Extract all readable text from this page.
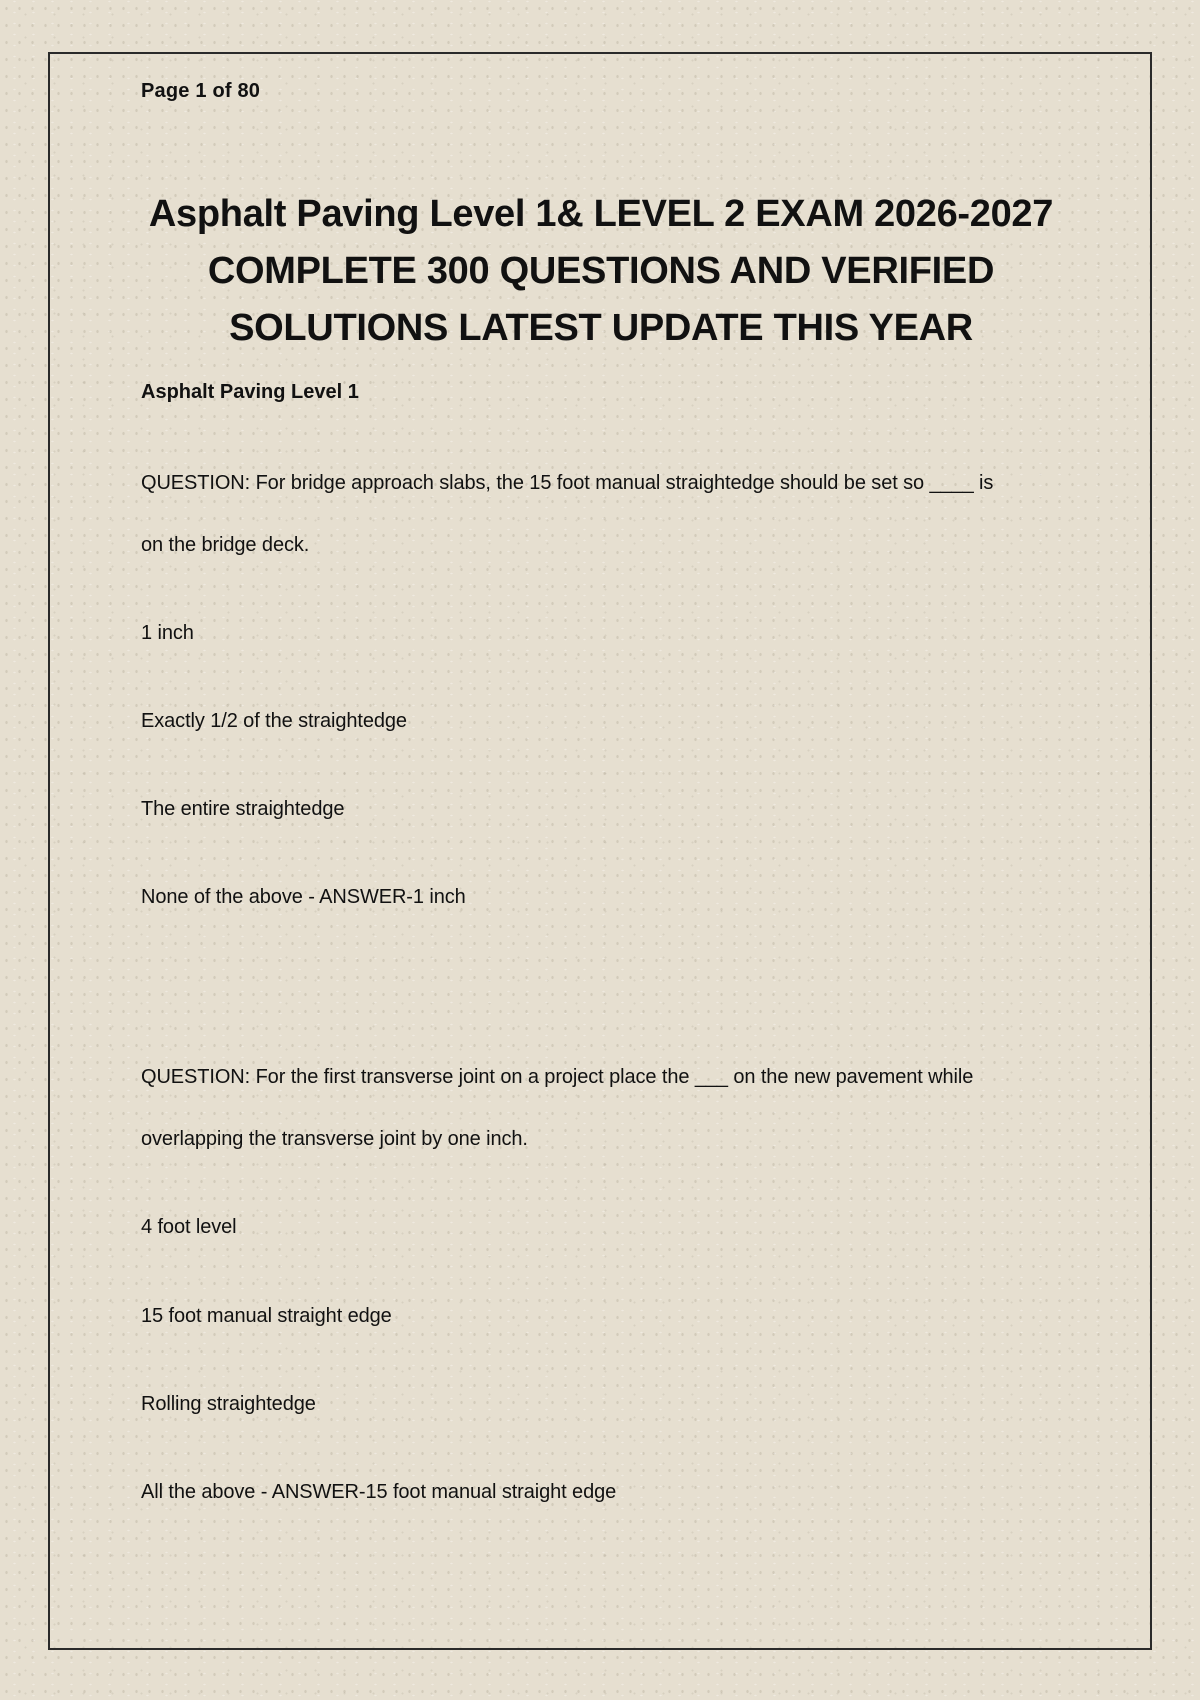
Page 1 of 80
Asphalt Paving Level 1& LEVEL 2 EXAM 2026-2027
COMPLETE 300 QUESTIONS AND VERIFIED
SOLUTIONS LATEST UPDATE THIS YEAR
Asphalt Paving Level 1
QUESTION: For bridge approach slabs, the 15 foot manual straightedge should be set so ____ is
on the bridge deck.
1 inch
Exactly 1/2 of the straightedge
The entire straightedge
None of the above - ANSWER-1 inch
QUESTION: For the first transverse joint on a project place the ___ on the new pavement while
overlapping the transverse joint by one inch.
4 foot level
15 foot manual straight edge
Rolling straightedge
All the above - ANSWER-15 foot manual straight edge
